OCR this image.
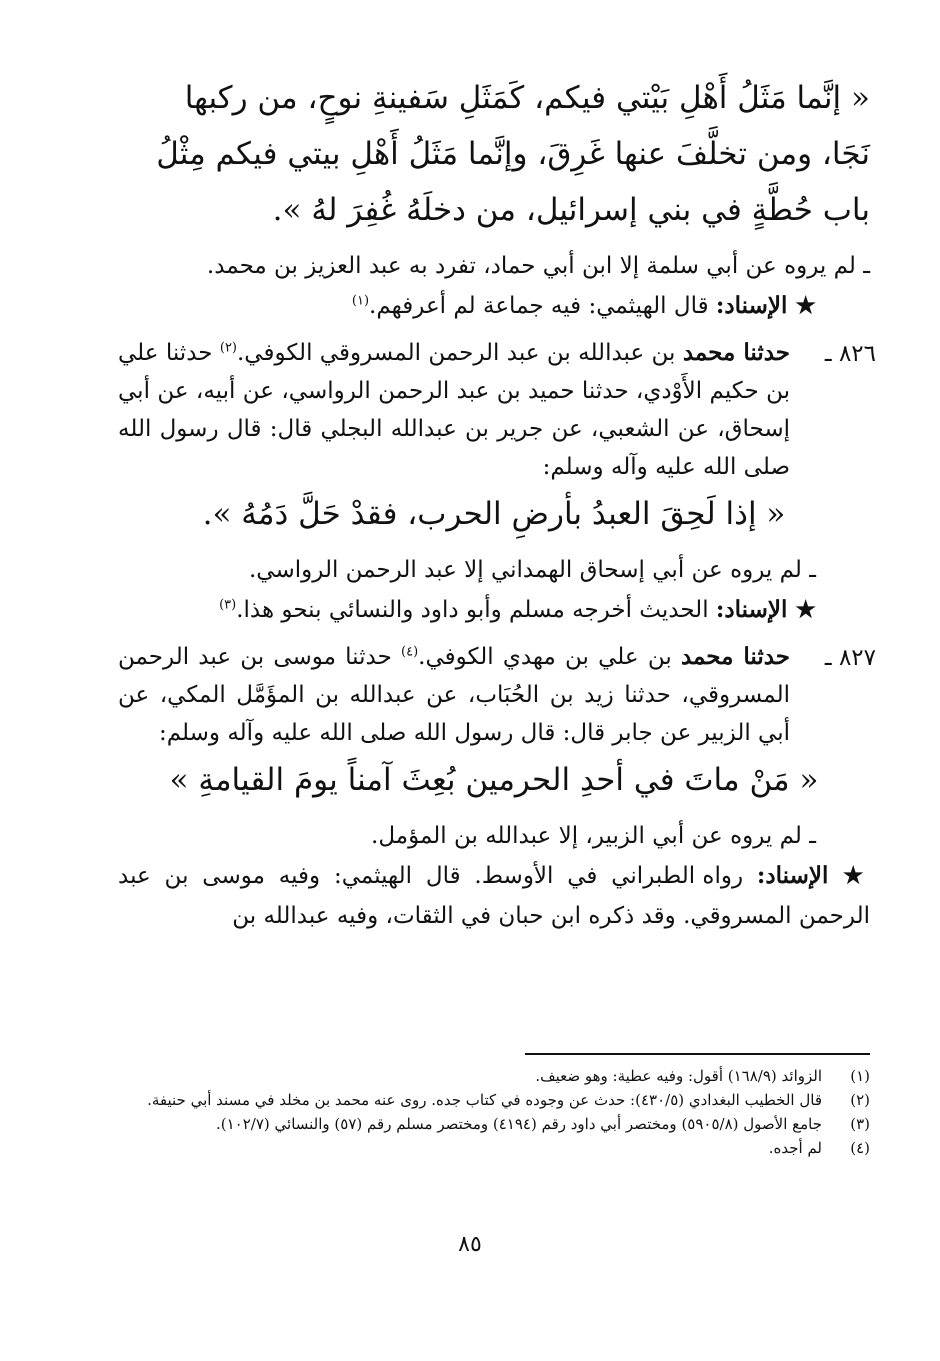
« إنَّما مَثَلُ أَهْلِ بَيْتي فيكم، كَمَثَلِ سَفينةِ نوحٍ، من ركبها

نَجَا، ومن تخلَّفَ عنها غَرِقَ، وإنَّما مَثَلُ أَهْلِ بيتي فيكم مِثْلُ

باب حُطَّةٍ في بني إسرائيل، من دخلَهُ غُفِرَ لهُ ».

ـ لم يروه عن أبي سلمة إلا ابن أبي حماد، تفرد به عبد العزيز بن محمد.

★ الإسناد: قال الهيثمي: فيه جماعة لم أعرفهم.$^{(١)}$

٨٢٦ ـ
حدثنا محمد بن عبدالله بن عبد الرحمن المسروقي الكوفي.$^{(٢)}$ حدثنا علي بن حكيم الأَوْدي، حدثنا حميد بن عبد الرحمن الرواسي، عن أبيه، عن أبي إسحاق، عن الشعبي، عن جرير بن عبدالله البجلي قال: قال رسول الله صلى الله عليه وآله وسلم:

« إذا لَحِقَ العبدُ بأرضِ الحرب، فقدْ حَلَّ دَمُهُ ».

ـ لم يروه عن أبي إسحاق الهمداني إلا عبد الرحمن الرواسي.

★ الإسناد: الحديث أخرجه مسلم وأبو داود والنسائي بنحو هذا.$^{(٣)}$

٨٢٧ ـ
حدثنا محمد بن علي بن مهدي الكوفي.$^{(٤)}$ حدثنا موسى بن عبد الرحمن المسروقي، حدثنا زيد بن الحُبَاب، عن عبدالله بن المؤَمَّل المكي، عن أبي الزبير عن جابر قال: قال رسول الله صلى الله عليه وآله وسلم:

« مَنْ ماتَ في أحدِ الحرمين بُعِثَ آمناً يومَ القيامةِ »

ـ لم يروه عن أبي الزبير، إلا عبدالله بن المؤمل.

★ الإسناد: رواه الطبراني في الأوسط. قال الهيثمي: وفيه موسى بن عبد الرحمن المسروقي. وقد ذكره ابن حبان في الثقات، وفيه عبدالله بن

(١)
الزوائد (١٦٨/٩) أقول: وفيه عطية: وهو ضعيف.

(٢)
قال الخطيب البغدادي (٤٣٠/٥): حدث عن وجوده في كتاب جده. روى عنه محمد بن مخلد في مسند أبي حنيفة.

(٣)
جامع الأصول (٥٩٠٥/٨) ومختصر أبي داود رقم (٤١٩٤) ومختصر مسلم رقم (٥٧) والنسائي (١٠٢/٧).

(٤)
لم أجده.

٨٥
